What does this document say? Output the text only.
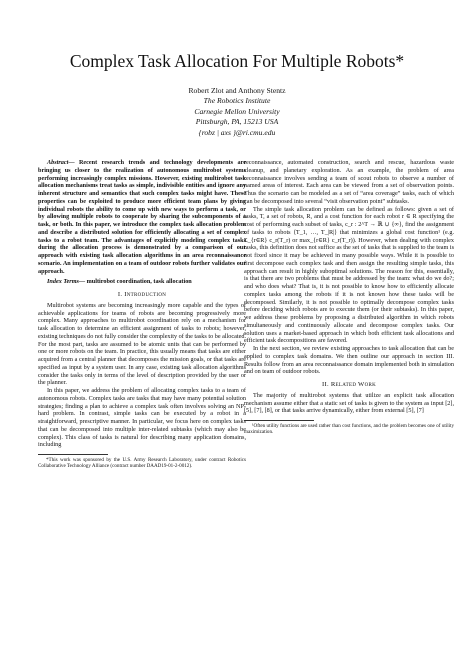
Complex Task Allocation For Multiple Robots*
Robert Zlot and Anthony Stentz
The Robotics Institute
Carnegie Mellon University
Pittsburgh, PA, 15213 USA
{robz | axs }@ri.cmu.edu

Abstract— Recent research trends and technology developments are bringing us closer to the realization of autonomous multirobot systems performing increasingly complex missions. However, existing multirobot task allocation mechanisms treat tasks as simple, indivisible entities and ignore any inherent structure and semantics that such complex tasks might have. These properties can be exploited to produce more efficient team plans by giving individual robots the ability to come up with new ways to perform a task, or by allowing multiple robots to cooperate by sharing the subcomponents of a task, or both. In this paper, we introduce the complex task allocation problem and describe a distributed solution for efficiently allocating a set of complex tasks to a robot team. The advantages of explicitly modeling complex tasks during the allocation process is demonstrated by a comparison of our approach with existing task allocation algorithms in an area reconnaissance scenario. An implementation on a team of outdoor robots further validates our approach.

Index Terms— multirobot coordination, task allocation

I. Introduction

Multirobot systems are becoming increasingly more capable and the types of achievable applications for teams of robots are becoming progressively more complex. Many approaches to multirobot coordination rely on a mechanism for task allocation to determine an efficient assignment of tasks to robots; however, existing techniques do not fully consider the complexity of the tasks to be allocated. For the most part, tasks are assumed to be atomic units that can be performed by one or more robots on the team. In practice, this usually means that tasks are either acquired from a central planner that decomposes the mission goals, or that tasks are specified as input by a system user. In any case, existing task allocation algorithms consider the tasks only in terms of the level of description provided by the user or the planner.

In this paper, we address the problem of allocating complex tasks to a team of autonomous robots. Complex tasks are tasks that may have many potential solution strategies; finding a plan to achieve a complex task often involves solving an NP-hard problem. In contrast, simple tasks can be executed by a robot in a straightforward, prescriptive manner. In particular, we focus here on complex tasks that can be decomposed into multiple inter-related subtasks (which may also be complex). This class of tasks is natural for describing many application domains, including

*This work was sponsored by the U.S. Army Research Laboratory, under contract Robotics Collaborative Technology Alliance (contract number DAAD19-01-2-0012).

reconnaissance, automated construction, search and rescue, hazardous waste cleanup, and planetary exploration. As an example, the problem of area reconnaissance involves sending a team of scout robots to observe a number of named areas of interest. Each area can be viewed from a set of observation points. Thus the scenario can be modeled as a set of “area coverage” tasks, each of which can be decomposed into several “visit observation point” subtasks.

The simple task allocation problem can be defined as follows: given a set of tasks, T, a set of robots, R, and a cost function for each robot r ∈ R specifying the cost of performing each subset of tasks, c_r : 2^T → ℝ ∪ {∞}, find the assignment of tasks to robots ⟨T_1, …, T_|R|⟩ that minimizes a global cost function¹ (e.g. Σ_{r∈R} c_r(T_r) or max_{r∈R} c_r(T_r)). However, when dealing with complex tasks, this definition does not suffice as the set of tasks that is supplied to the team is not fixed since it may be achieved in many possible ways. While it is possible to first decompose each complex task and then assign the resulting simple tasks, this approach can result in highly suboptimal solutions. The reason for this, essentially, is that there are two problems that must be addressed by the team: what do we do?; and who does what? That is, it is not possible to know how to efficiently allocate complex tasks among the robots if it is not known how these tasks will be decomposed. Similarly, it is not possible to optimally decompose complex tasks before deciding which robots are to execute them (or their subtasks). In this paper, we address these problems by proposing a distributed algorithm in which robots simultaneously and continuously allocate and decompose complex tasks. Our solution uses a market-based approach in which both efficient task allocations and efficient task decompositions are favored.

In the next section, we review existing approaches to task allocation that can be applied to complex task domains. We then outline our approach in section III. Results follow from an area reconnaissance domain implemented both in simulation and on team of outdoor robots.

II. Related Work

The majority of multirobot systems that utilize an explicit task allocation mechanism assume either that a static set of tasks is given to the system as input [2], [5], [7], [8], or that tasks arrive dynamically, either from external [5], [7]

¹Often utility functions are used rather than cost functions, and the problem becomes one of utility maximization.
